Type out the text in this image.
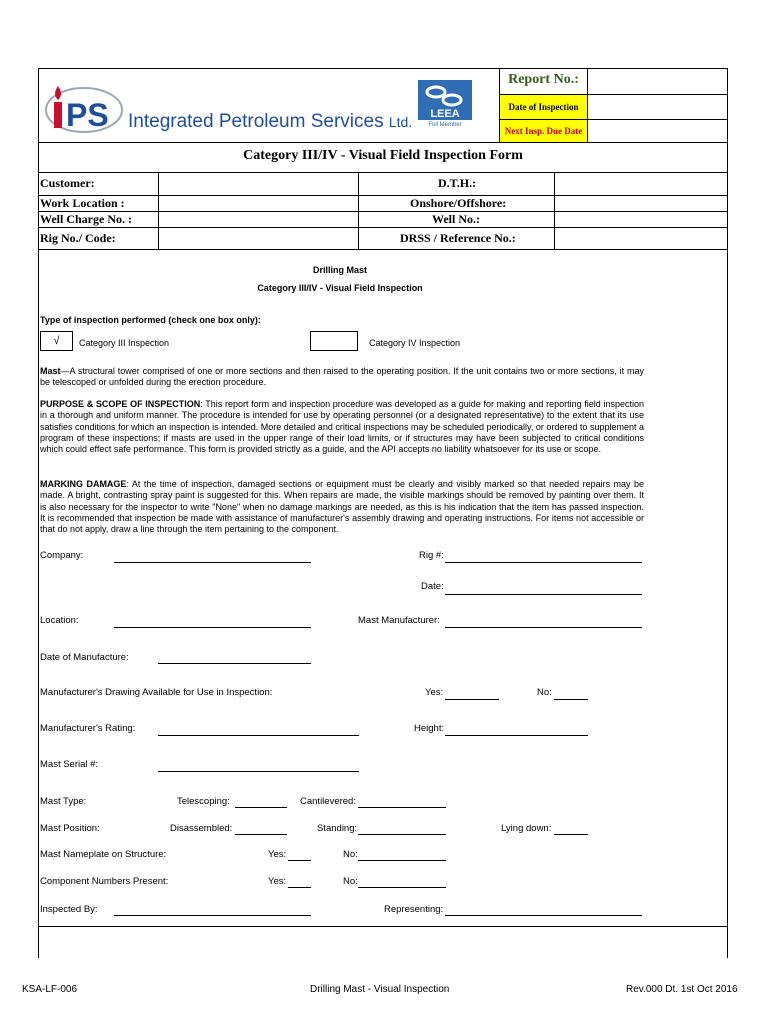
PS Integrated Petroleum Services Ltd.	LEEA
Full Member
Report No.:
Date of Inspection
Next Insp. Due Date
Category III/IV - Visual Field Inspection Form
Customer:	D.T.H.:
Work Location :	Onshore/Offshore:
Well Charge No. :	Well No.:
Rig No./ Code:	DRSS / Reference No.:
Drilling Mast
Category III/IV - Visual Field Inspection
Type of inspection performed (check one box only):
√	Category III Inspection	Category IV Inspection
Mast—A structural tower comprised of one or more sections and then raised to the operating position. If the unit contains two or more sections, it may be telescoped or unfolded during the erection procedure.
PURPOSE & SCOPE OF INSPECTION: This report form and inspection procedure was developed as a guide for making and reporting field inspection in a thorough and uniform manner. The procedure is intended for use by operating personnel (or a designated representative) to the extent that its use satisfies conditions for which an inspection is intended. More detailed and critical inspections may be scheduled periodically, or ordered to supplement a program of these inspections; if masts are used in the upper range of their load limits, or if structures may have been subjected to critical conditions which could effect safe performance. This form is provided strictly as a guide, and the API accepts no liability whatsoever for its use or scope.
MARKING DAMAGE: At the time of inspection, damaged sections or equipment must be clearly and visibly marked so that needed repairs may be made. A bright, contrasting spray paint is suggested for this. When repairs are made, the visible markings should be removed by painting over them. It is also necessary for the inspector to write "None" when no damage markings are needed, as this is his indication that the item has passed inspection. It is recommended that inspection be made with assistance of manufacturer's assembly drawing and operating instructions. For items not accessible or that do not apply, draw a line through the item pertaining to the component.
Company:	Rig #:
Date:
Location:	Mast Manufacturer:
Date of Manufacture:
Manufacturer's Drawing Available for Use in Inspection:	Yes:	No:
Manufacturer's Rating:	Height:
Mast Serial #:
Mast Type:	Telescoping:	Cantilevered:
Mast Position:	Disassembled:	Standing:	Lying down:
Mast Nameplate on Structure:	Yes:	No:
Component Numbers Present:	Yes:	No:
Inspected By:	Representing:
KSA-LF-006	Drilling Mast - Visual Inspection	Rev.000 Dt. 1st Oct 2016
